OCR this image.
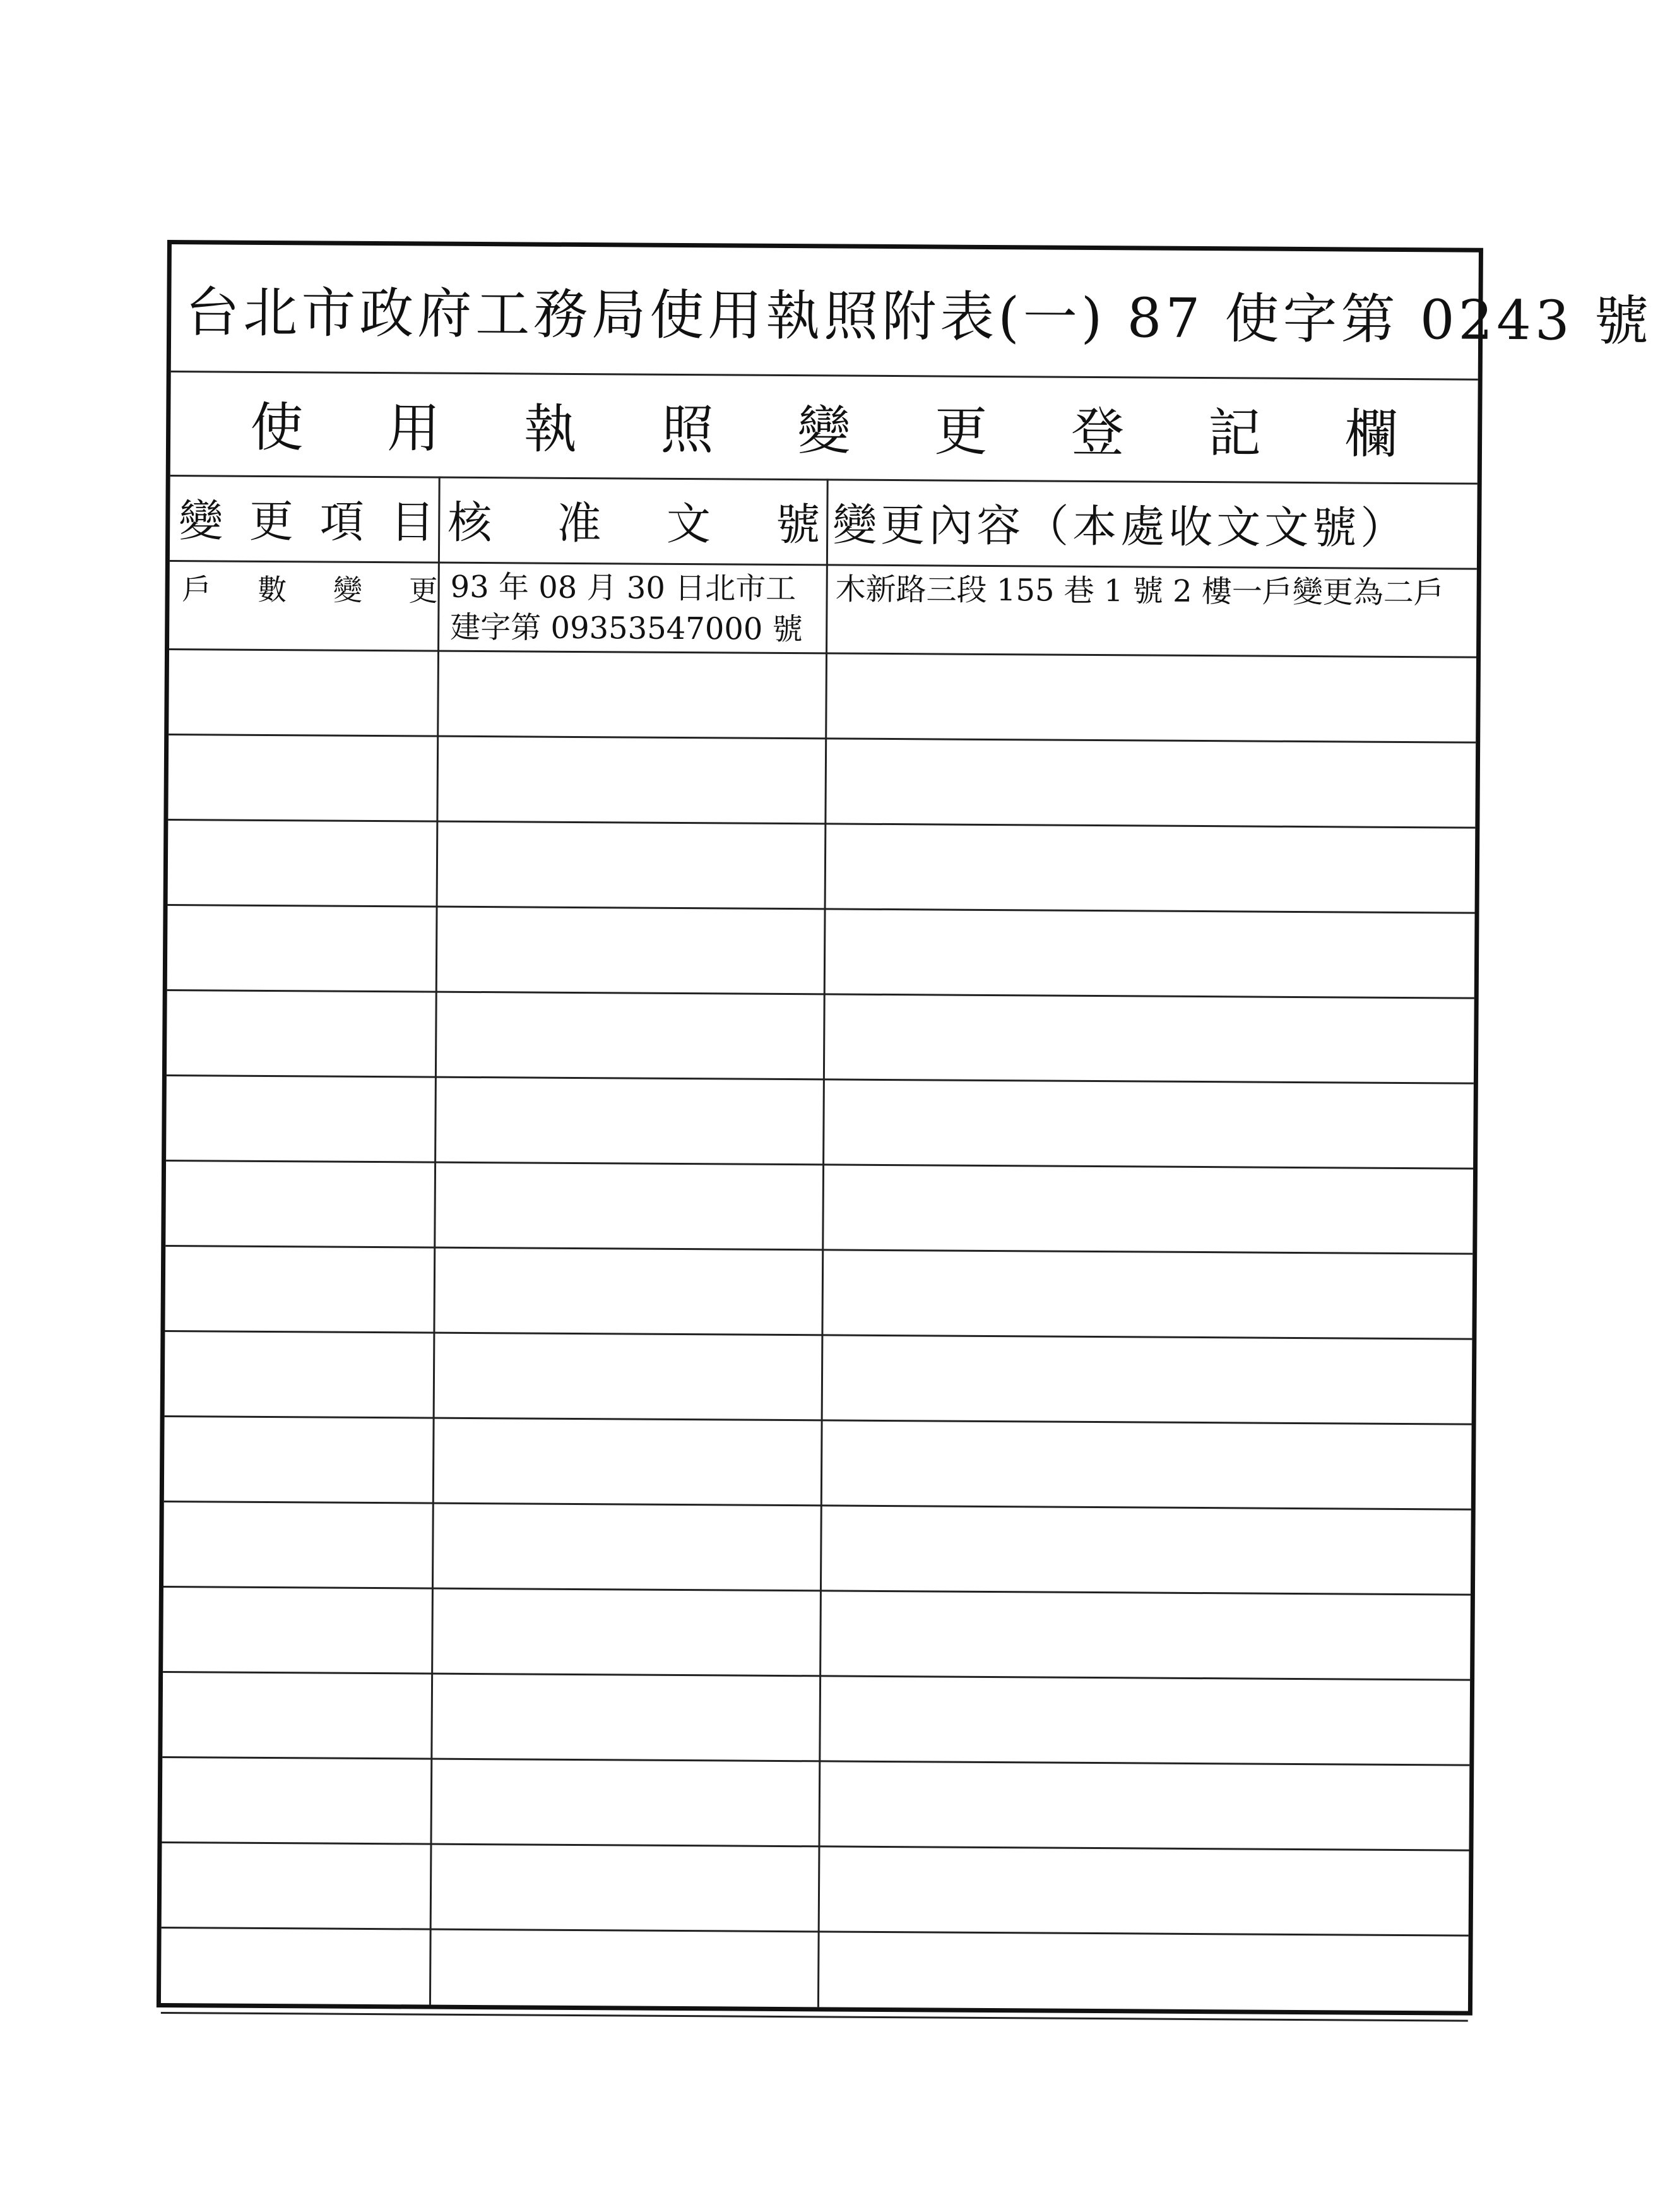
台北市政府工務局使用執照附表(一) 87 使字第 0243 號
使 用 執 照 變 更 登 記 欄
變 更 項 目 核 准 文 號 變更內容（本處收文文號）
戶 數 變 更 93 年 08 月 30 日北市工建字第 09353547000 號
木新路三段 155 巷 1 號 2 樓一戶變更為二戶
